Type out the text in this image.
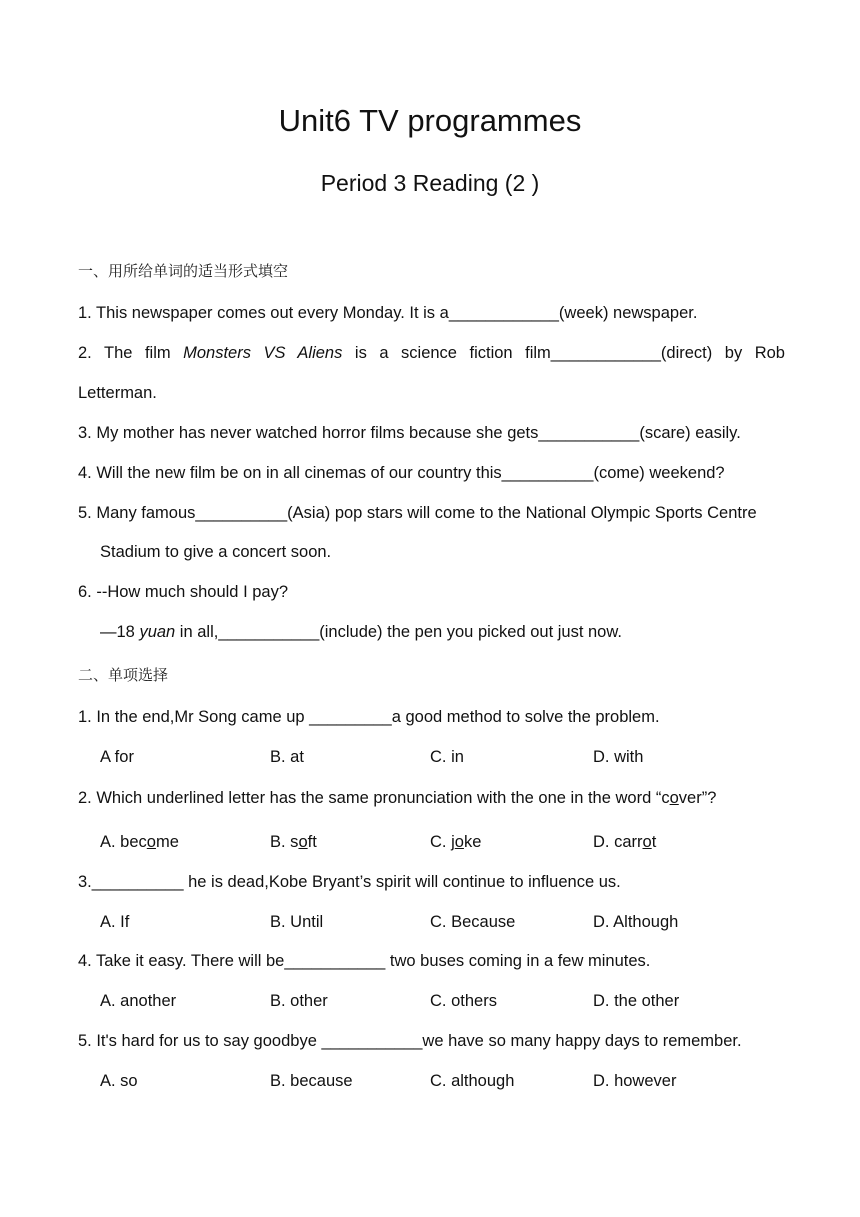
Unit6 TV programmes
Period 3 Reading (2 )
一、用所给单词的适当形式填空
1. This newspaper comes out every Monday. It is a____________(week) newspaper.
2. The film Monsters VS Aliens is a science fiction film____________(direct) by Rob
Letterman.
3. My mother has never watched horror films because she gets___________(scare) easily.
4. Will the new film be on in all cinemas of our country this__________(come) weekend?
5. Many famous__________(Asia) pop stars will come to the National Olympic Sports Centre
Stadium to give a concert soon.
6. --How much should I pay?
—18 yuan in all,___________(include) the pen you picked out just now.
二、单项选择
1. In the end,Mr Song came up _________a good method to solve the problem.
A for	B. at	C. in	D. with
2. Which underlined letter has the same pronunciation with the one in the word “cover”?
A. become	B. soft	C. joke	D. carrot
3.__________ he is dead,Kobe Bryant’s spirit will continue to influence us.
A. If	B. Until	C. Because	D. Although
4. Take it easy. There will be___________ two buses coming in a few minutes.
A. another	B. other	C. others	D. the other
5. It's hard for us to say goodbye ___________we have so many happy days to remember.
A. so	B. because	C. although	D. however
